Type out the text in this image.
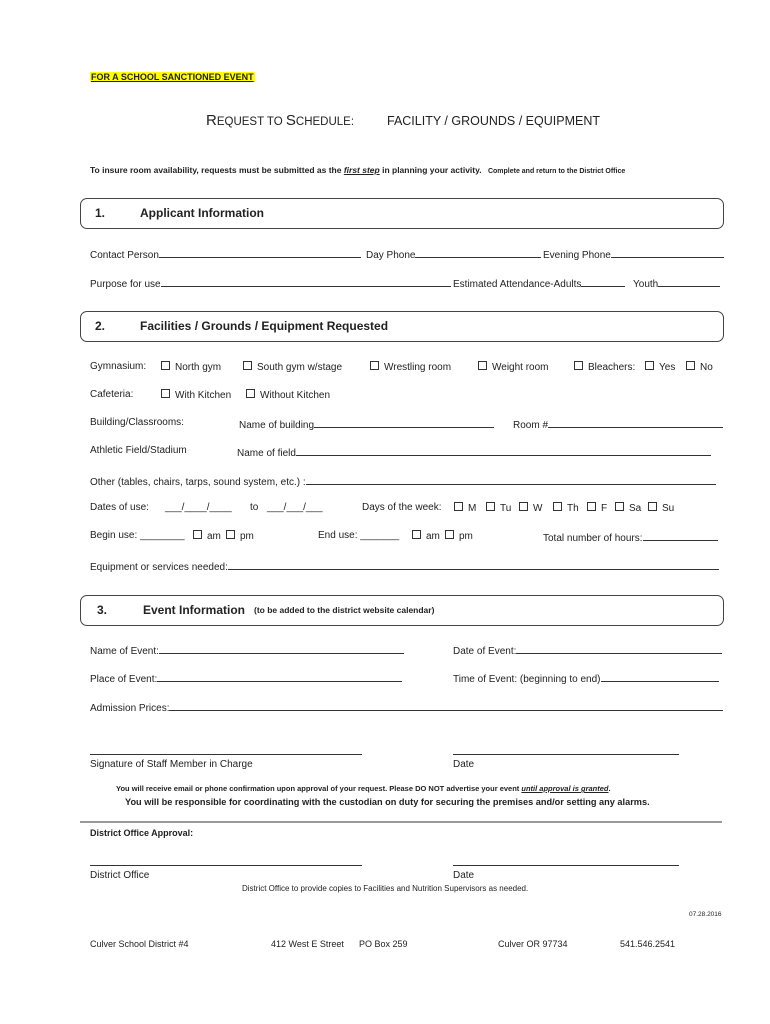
FOR A SCHOOL SANCTIONED EVENT
REQUEST TO SCHEDULE:	FACILITY / GROUNDS / EQUIPMENT
To insure room availability, requests must be submitted as the first step in planning your activity. Complete and return to the District Office
1.	Applicant Information
Contact Person	Day Phone	Evening Phone
Purpose for use	Estimated Attendance-Adults	Youth
2.	Facilities / Grounds / Equipment Requested
Gymnasium:	North gym	South gym w/stage	Wrestling room	Weight room	Bleachers:	Yes	No
Cafeteria:	With Kitchen	Without Kitchen
Building/Classrooms:	Name of building	Room #
Athletic Field/Stadium	Name of field
Other (tables, chairs, tarps, sound system, etc.) :
Dates of use: ___/____/____ to ___/___/___	Days of the week:	M	Tu	W	Th	F	Sa	Su
Begin use: ________	am	pm	End use: _______	am	pm	Total number of hours:
Equipment or services needed:
3.	Event Information (to be added to the district website calendar)
Name of Event:	Date of Event:
Place of Event:	Time of Event: (beginning to end)
Admission Prices:
Signature of Staff Member in Charge	Date
You will receive email or phone confirmation upon approval of your request. Please DO NOT advertise your event until approval is granted.
You will be responsible for coordinating with the custodian on duty for securing the premises and/or setting any alarms.
District Office Approval:
District Office	Date
District Office to provide copies to Facilities and Nutrition Supervisors as needed.
07.28.2016
Culver School District #4	412 West E Street PO Box 259	Culver OR 97734	541.546.2541
